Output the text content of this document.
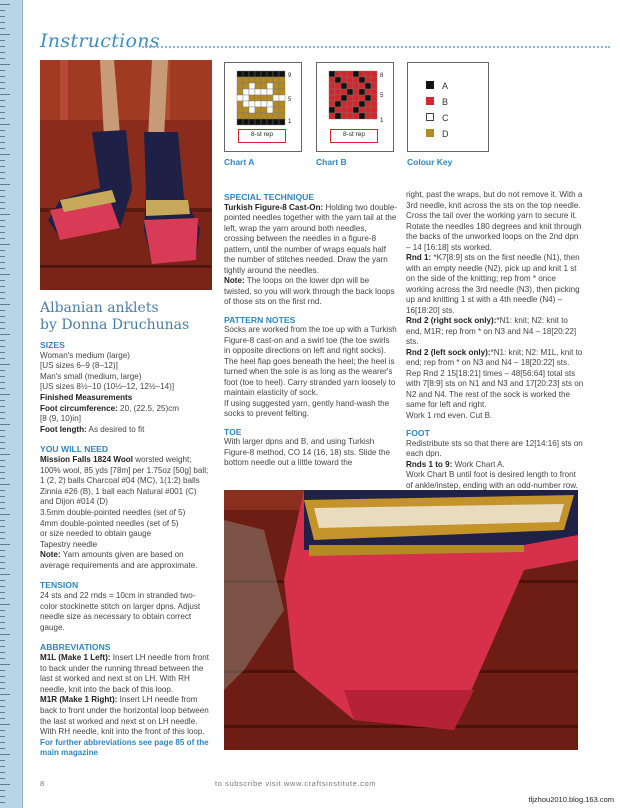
Instructions
Albanian anklets
by Donna Druchunas
SIZES
Woman's medium (large)
[US sizes 6–9 (8–12)]
Man's small (medium, large)
[US sizes 8½–10 (10½–12, 12½–14)]
Finished Measurements
Foot circumference: 20, (22.5, 25)cm
[8 (9, 10)in]
Foot length: As desired to fit
YOU WILL NEED
Mission Falls 1824 Wool worsted weight; 100% wool, 85 yds [78m] per 1.75oz [50g] ball; 1 (2, 2) balls Charcoal #04 (MC), 1(1:2) balls Zinnia #26 (B), 1 ball each Natural #001 (C) and Dijon #014 (D)
3.5mm double-pointed needles (set of 5)
4mm double-pointed needles (set of 5)
or size needed to obtain gauge
Tapestry needle
Note: Yarn amounts given are based on average requirements and are approximate.
TENSION
24 sts and 22 rnds = 10cm in stranded two-color stockinette stitch on larger dpns. Adjust needle size as necessary to obtain correct gauge.
ABBREVIATIONS
M1L (Make 1 Left): Insert LH needle from front to back under the running thread between the last st worked and next st on LH. With RH needle, knit into the back of this loop.
M1R (Make 1 Right): Insert LH needle from back to front under the horizontal loop between the last st worked and next st on LH needle. With RH needle, knit into the front of this loop.
For further abbreviations see page 85 of the main magazine
9
5
1
8-st rep
Chart A
8
5
1
8-st rep
Chart B
A
B
C
D
Colour Key
SPECIAL TECHNIQUE
Turkish Figure-8 Cast-On: Holding two double-pointed needles together with the yarn tail at the left, wrap the yarn around both needles, crossing between the needles in a figure-8 pattern, until the number of wraps equals half the number of stitches needed. Draw the yarn tightly around the needles.
Note: The loops on the lower dpn will be twisted, so you will work through the back loops of those sts on the first rnd.
PATTERN NOTES
Socks are worked from the toe up with a Turkish Figure-8 cast-on and a swirl toe (the toe swirls in opposite directions on left and right socks). The heel flap goes beneath the heel; the heel is turned when the sole is as long as the wearer's foot (toe to heel). Carry stranded yarn loosely to maintain elasticity of sock.
If using suggested yarn, gently hand-wash the socks to prevent felting.
TOE
With larger dpns and B, and using Turkish Figure-8 method, CO 14 (16, 18) sts. Slide the bottom needle out a little toward the
right, past the wraps, but do not remove it. With a 3rd needle, knit across the sts on the top needle. Cross the tail over the working yarn to secure it. Rotate the needles 180 degrees and knit through the backs of the unworked loops on the 2nd dpn – 14 [16:18] sts worked.
Rnd 1: *K7[8:9] sts on the first needle (N1), then with an empty needle (N2), pick up and knit 1 st on the side of the knitting; rep from * once working across the 3rd needle (N3), then picking up and knitting 1 st with a 4th needle (N4) – 16[18:20] sts.
Rnd 2 (right sock only):*N1: knit; N2: knit to end, M1R; rep from * on N3 and N4 – 18[20:22] sts.
Rnd 2 (left sock only):*N1: knit; N2: M1L, knit to end; rep from * on N3 and N4 – 18[20:22] sts.
Rep Rnd 2 15[18:21] times – 48[56:64] total sts with 7[8:9] sts on N1 and N3 and 17[20:23] sts on N2 and N4. The rest of the sock is worked the same for left and right.
Work 1 rnd even. Cut B.
FOOT
Redistribute sts so that there are 12[14:16] sts on each dpn.
Rnds 1 to 9: Work Chart A.
Work Chart B until foot is desired length to front of ankle/instep, ending with an odd-number row.
8	to subscribe visit www.craftsinstitute.com
tljzhou2010.blog.163.com
